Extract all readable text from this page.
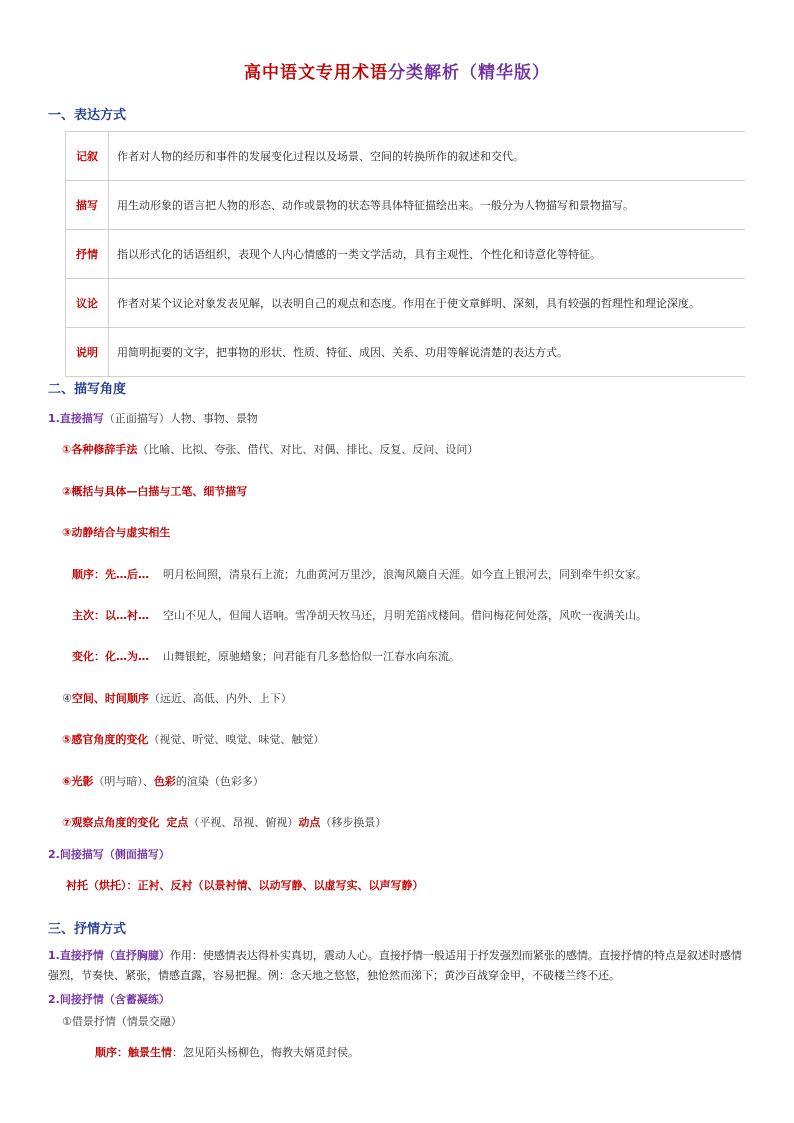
高中语文专用术语分类解析（精华版）
一、表达方式
记叙	作者对人物的经历和事件的发展变化过程以及场景、空间的转换所作的叙述和交代。
描写	用生动形象的语言把人物的形态、动作或景物的状态等具体特征描绘出来。一般分为人物描写和景物描写。
抒情	指以形式化的话语组织，表现个人内心情感的一类文学活动，具有主观性、个性化和诗意化等特征。
议论	作者对某个议论对象发表见解，以表明自己的观点和态度。作用在于使文章鲜明、深刻，具有较强的哲理性和理论深度。
说明	用简明扼要的文字，把事物的形状、性质、特征、成因、关系、功用等解说清楚的表达方式。
二、描写角度
1.直接描写（正面描写）人物、事物、景物
①各种修辞手法（比喻、比拟、夸张、借代、对比、对偶、排比、反复、反问、设问）
②概括与具体—白描与工笔、细节描写
③动静结合与虚实相生
顺序：先…后… 明月松间照，清泉石上流；九曲黄河万里沙，浪淘风簸自天涯。如今直上银河去，同到牵牛织女家。
主次：以…衬… 空山不见人，但闻人语响。雪净胡天牧马还，月明羌笛戍楼间。借问梅花何处落，风吹一夜满关山。
变化：化…为… 山舞银蛇，原驰蜡象；问君能有几多愁恰似一江春水向东流。
④空间、时间顺序（远近、高低、内外、上下）
⑤感官角度的变化（视觉、听觉、嗅觉、味觉、触觉）
⑥光影（明与暗）、色彩的渲染（色彩多）
⑦观察点角度的变化 定点（平视、昂视、俯视）动点（移步换景）
2.间接描写（侧面描写）
衬托（烘托）：正衬、反衬（以景衬情、以动写静、以虚写实、以声写静）
三、抒情方式
1.直接抒情（直抒胸臆）作用：使感情表达得朴实真切，震动人心。直接抒情一般适用于抒发强烈而紧张的感情。直接抒情的特点是叙述时感情强烈，节奏快、紧张，情感直露，容易把握。例：念天地之悠悠，独怆然而涕下；黄沙百战穿金甲，不破楼兰终不还。
2.间接抒情（含蓄凝练）
①借景抒情（情景交融）
顺序：触景生情：忽见陌头杨柳色，悔教夫婿觅封侯。
